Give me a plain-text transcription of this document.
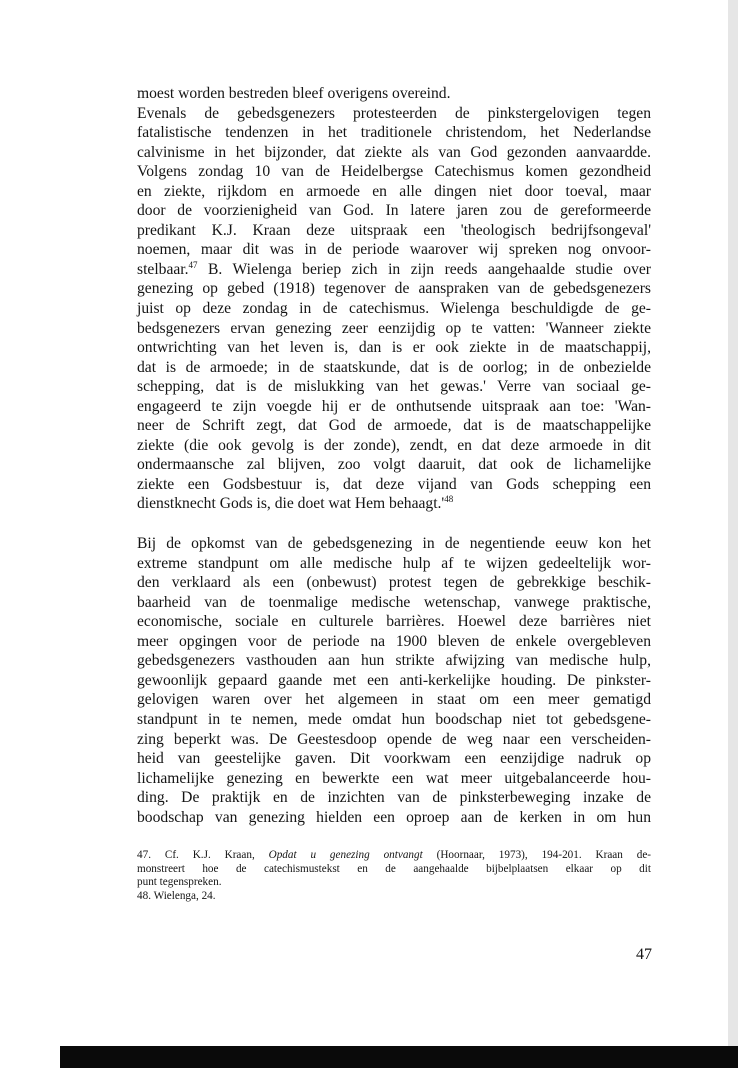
moest worden bestreden bleef overigens overeind.
Evenals de gebedsgenezers protesteerden de pinkstergelovigen tegen
fatalistische tendenzen in het traditionele christendom, het Nederlandse
calvinisme in het bijzonder, dat ziekte als van God gezonden aanvaardde.
Volgens zondag 10 van de Heidelbergse Catechismus komen gezondheid
en ziekte, rijkdom en armoede en alle dingen niet door toeval, maar
door de voorzienigheid van God. In latere jaren zou de gereformeerde
predikant K.J. Kraan deze uitspraak een 'theologisch bedrijfsongeval'
noemen, maar dit was in de periode waarover wij spreken nog onvoor-
stelbaar.$^{47}$ B. Wielenga beriep zich in zijn reeds aangehaalde studie over
genezing op gebed (1918) tegenover de aanspraken van de gebedsgenezers
juist op deze zondag in de catechismus. Wielenga beschuldigde de ge-
bedsgenezers ervan genezing zeer eenzijdig op te vatten: 'Wanneer ziekte
ontwrichting van het leven is, dan is er ook ziekte in de maatschappij,
dat is de armoede; in de staatskunde, dat is de oorlog; in de onbezielde
schepping, dat is de mislukking van het gewas.' Verre van sociaal ge-
engageerd te zijn voegde hij er de onthutsende uitspraak aan toe: 'Wan-
neer de Schrift zegt, dat God de armoede, dat is de maatschappelijke
ziekte (die ook gevolg is der zonde), zendt, en dat deze armoede in dit
ondermaansche zal blijven, zoo volgt daaruit, dat ook de lichamelijke
ziekte een Godsbestuur is, dat deze vijand van Gods schepping een
dienstknecht Gods is, die doet wat Hem $behaagt.'^{48}$
Bij de opkomst van de gebedsgenezing in de negentiende eeuw kon het
extreme standpunt om alle medische hulp af te wijzen gedeeltelijk wor-
den verklaard als een (onbewust) protest tegen de gebrekkige beschik-
baarheid van de toenmalige medische wetenschap, vanwege praktische,
economische, sociale en culturele barrières. Hoewel deze barrières niet
meer opgingen voor de periode na 1900 bleven de enkele overgebleven
gebedsgenezers vasthouden aan hun strikte afwijzing van medische hulp,
gewoonlijk gepaard gaande met een anti-kerkelijke houding. De pinkster-
gelovigen waren over het algemeen in staat om een meer gematigd
standpunt in te nemen, mede omdat hun boodschap niet tot gebedsgene-
zing beperkt was. De Geestesdoop opende de weg naar een verscheiden-
heid van geestelijke gaven. Dit voorkwam een eenzijdige nadruk op
lichamelijke genezing en bewerkte een wat meer uitgebalanceerde hou-
ding. De praktijk en de inzichten van de pinksterbeweging inzake de
boodschap van genezing hielden een oproep aan de kerken in om hun
47. Cf. K.J. Kraan, Opdat u genezing ontvangt (Hoornaar, 1973), 194-201. Kraan de-
monstreert hoe de catechismustekst en de aangehaalde bijbelplaatsen elkaar op dit
punt tegenspreken.
48. Wielenga, 24.
47
